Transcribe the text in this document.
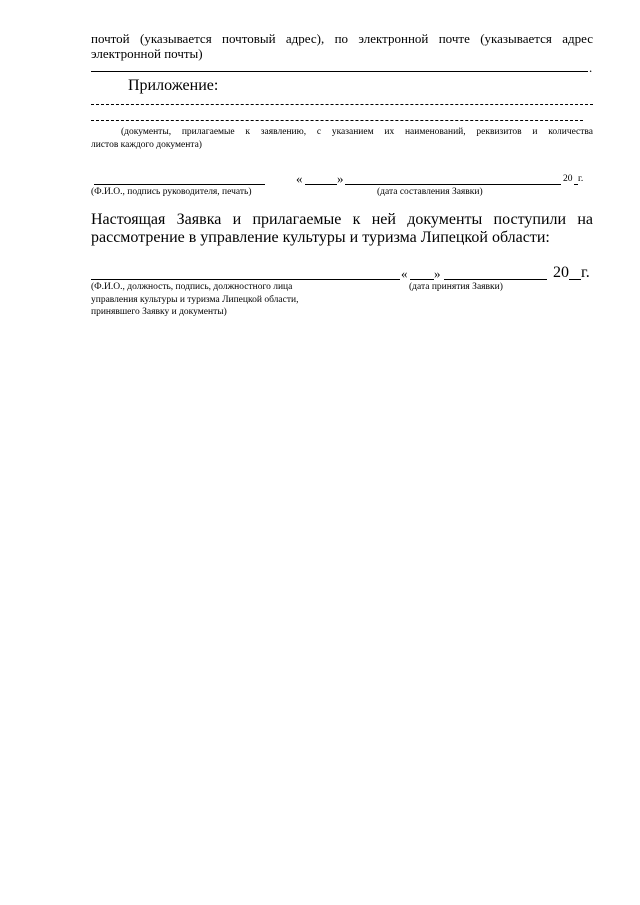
почтой (указывается почтовый адрес), по электронной почте (указывается адрес
электронной почты)
.
Приложение:
(документы, прилагаемые к заявлению, с указанием их наименований, реквизитов и количества
листов каждого документа)
«	»	20 г.
(Ф.И.О., подпись руководителя, печать)	(дата составления Заявки)
Настоящая Заявка и прилагаемые к ней документы поступили на
рассмотрение в управление культуры и туризма Липецкой области:
« »	20 г.
(Ф.И.О., должность, подпись, должностного лица	(дата принятия Заявки)
управления культуры и туризма Липецкой области,
принявшего Заявку и документы)
